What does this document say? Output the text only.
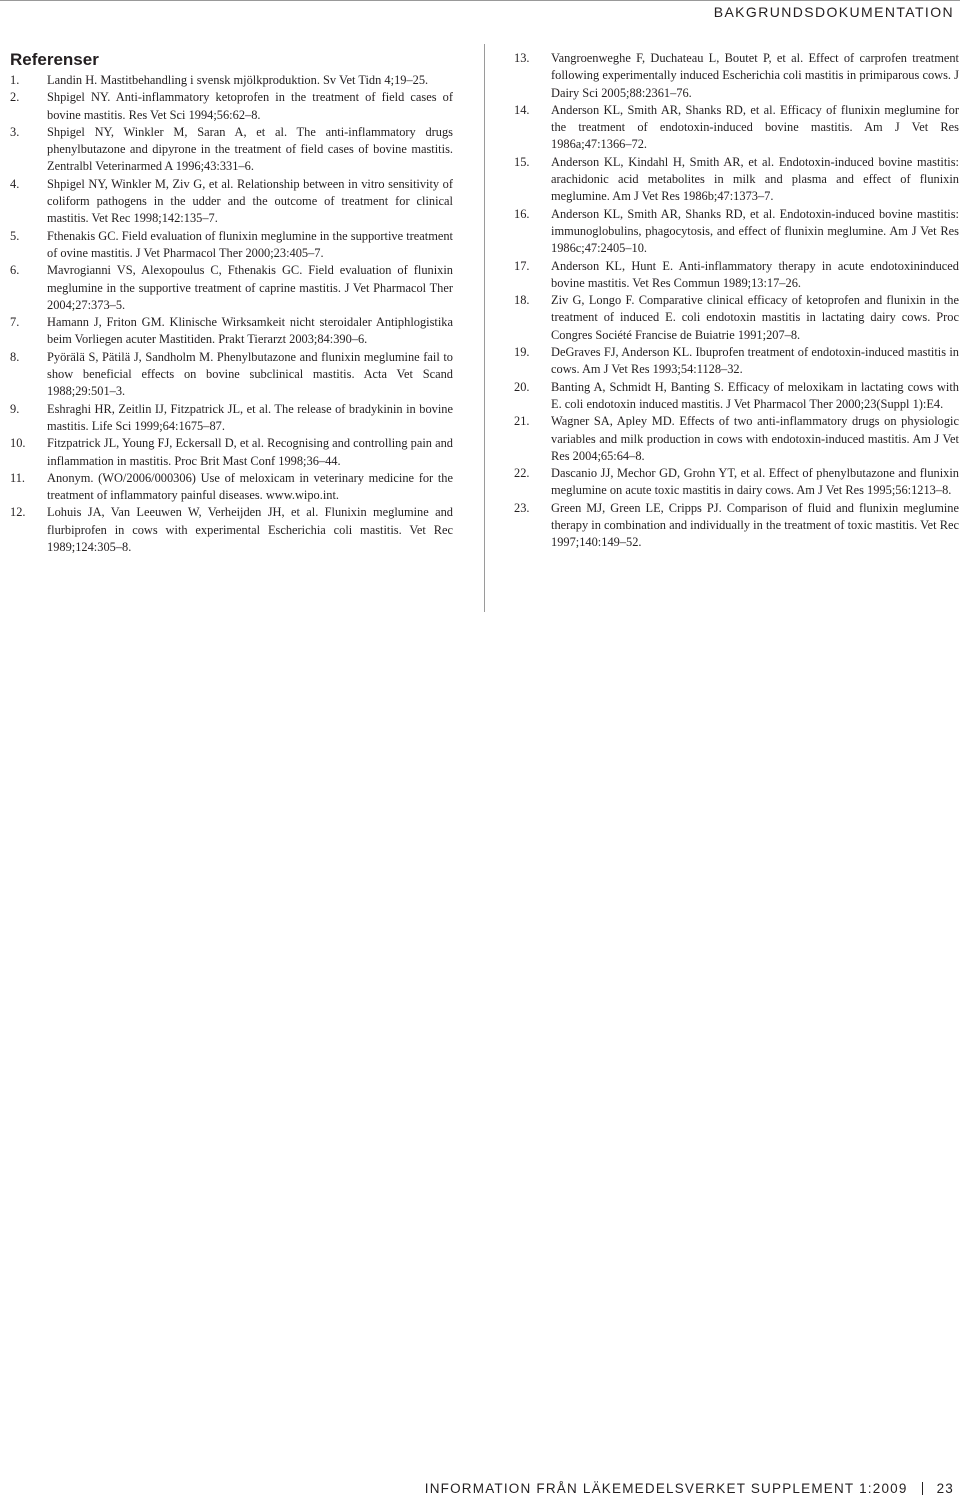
BAKGRUNDSDOKUMENTATION
Referenser
1.	Landin H. Mastitbehandling i svensk mjölkproduktion. Sv Vet Tidn 4;19–25.
2.	Shpigel NY. Anti-inflammatory ketoprofen in the treatment of field cases of bovine mastitis. Res Vet Sci 1994;56:62–8.
3.	Shpigel NY, Winkler M, Saran A, et al. The anti-inflammatory drugs phenylbutazone and dipyrone in the treatment of field cases of bovine mastitis. Zentralbl Veterinarmed A 1996;43:331–6.
4.	Shpigel NY, Winkler M, Ziv G, et al. Relationship between in vitro sensitivity of coliform pathogens in the udder and the outcome of treatment for clinical mastitis. Vet Rec 1998;142:135–7.
5.	Fthenakis GC. Field evaluation of flunixin meglumine in the supportive treatment of ovine mastitis. J Vet Pharmacol Ther 2000;23:405–7.
6.	Mavrogianni VS, Alexopoulus C, Fthenakis GC. Field evaluation of flunixin meglumine in the supportive treatment of caprine mastitis. J Vet Pharmacol Ther 2004;27:373–5.
7.	Hamann J, Friton GM. Klinische Wirksamkeit nicht steroidaler Antiphlogistika beim Vorliegen acuter Mastitiden. Prakt Tierarzt 2003;84:390–6.
8.	Pyörälä S, Pätilä J, Sandholm M. Phenylbutazone and flunixin meglumine fail to show beneficial effects on bovine subclinical mastitis. Acta Vet Scand 1988;29:501–3.
9.	Eshraghi HR, Zeitlin IJ, Fitzpatrick JL, et al. The release of bradykinin in bovine mastitis. Life Sci 1999;64:1675–87.
10.	Fitzpatrick JL, Young FJ, Eckersall D, et al. Recognising and controlling pain and inflammation in mastitis. Proc Brit Mast Conf 1998;36–44.
11.	Anonym. (WO/2006/000306) Use of meloxicam in veterinary medicine for the treatment of inflammatory painful diseases. www.wipo.int.
12.	Lohuis JA, Van Leeuwen W, Verheijden JH, et al. Flunixin meglumine and flurbiprofen in cows with experimental Escherichia coli mastitis. Vet Rec 1989;124:305–8.
13.	Vangroenweghe F, Duchateau L, Boutet P, et al. Effect of carprofen treatment following experimentally induced Escherichia coli mastitis in primiparous cows. J Dairy Sci 2005;88:2361–76.
14.	Anderson KL, Smith AR, Shanks RD, et al. Efficacy of flunixin meglumine for the treatment of endotoxin-induced bovine mastitis. Am J Vet Res 1986a;47:1366–72.
15.	Anderson KL, Kindahl H, Smith AR, et al. Endotoxin-induced bovine mastitis: arachidonic acid metabolites in milk and plasma and effect of flunixin meglumine. Am J Vet Res 1986b;47:1373–7.
16.	Anderson KL, Smith AR, Shanks RD, et al. Endotoxin-induced bovine mastitis: immunoglobulins, phagocytosis, and effect of flunixin meglumine. Am J Vet Res 1986c;47:2405–10.
17.	Anderson KL, Hunt E. Anti-inflammatory therapy in acute endotoxininduced bovine mastitis. Vet Res Commun 1989;13:17–26.
18.	Ziv G, Longo F. Comparative clinical efficacy of ketoprofen and flunixin in the treatment of induced E. coli endotoxin mastitis in lactating dairy cows. Proc Congres Société Francise de Buiatrie 1991;207–8.
19.	DeGraves FJ, Anderson KL. Ibuprofen treatment of endotoxin-induced mastitis in cows. Am J Vet Res 1993;54:1128–32.
20.	Banting A, Schmidt H, Banting S. Efficacy of meloxikam in lactating cows with E. coli endotoxin induced mastitis. J Vet Pharmacol Ther 2000;23(Suppl 1):E4.
21.	Wagner SA, Apley MD. Effects of two anti-inflammatory drugs on physiologic variables and milk production in cows with endotoxin-induced mastitis. Am J Vet Res 2004;65:64–8.
22.	Dascanio JJ, Mechor GD, Grohn YT, et al. Effect of phenylbutazone and flunixin meglumine on acute toxic mastitis in dairy cows. Am J Vet Res 1995;56:1213–8.
23.	Green MJ, Green LE, Cripps PJ. Comparison of fluid and flunixin meglumine therapy in combination and individually in the treatment of toxic mastitis. Vet Rec 1997;140:149–52.
INFORMATION FRÅN LÄKEMEDELSVERKET SUPPLEMENT 1:2009 23
